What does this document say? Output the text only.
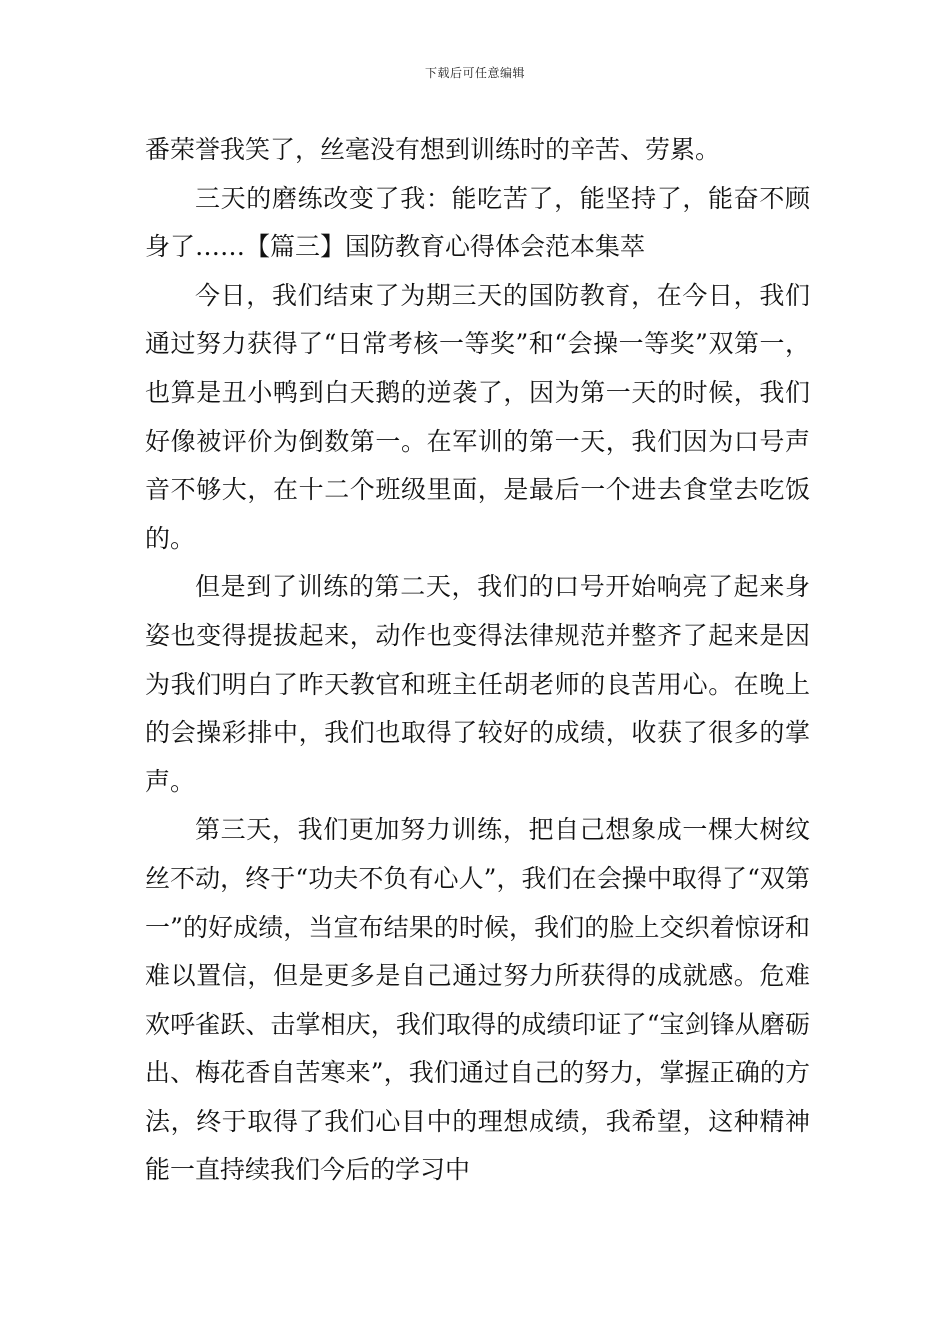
下载后可任意编辑

番荣誉我笑了，丝毫没有想到训练时的辛苦、劳累。

三天的磨练改变了我：能吃苦了，能坚持了，能奋不顾身了……【篇三】国防教育心得体会范本集萃

今日，我们结束了为期三天的国防教育，在今日，我们通过努力获得了“日常考核一等奖”和“会操一等奖”双第一，也算是丑小鸭到白天鹅的逆袭了，因为第一天的时候，我们好像被评价为倒数第一。在军训的第一天，我们因为口号声音不够大，在十二个班级里面，是最后一个进去食堂去吃饭的。

但是到了训练的第二天，我们的口号开始响亮了起来身姿也变得提拔起来，动作也变得法律规范并整齐了起来是因为我们明白了昨天教官和班主任胡老师的良苦用心。在晚上的会操彩排中，我们也取得了较好的成绩，收获了很多的掌声。

第三天，我们更加努力训练，把自己想象成一棵大树纹丝不动，终于“功夫不负有心人”，我们在会操中取得了“双第一”的好成绩，当宣布结果的时候，我们的脸上交织着惊讶和难以置信，但是更多是自己通过努力所获得的成就感。危难欢呼雀跃、击掌相庆，我们取得的成绩印证了“宝剑锋从磨砺出、梅花香自苦寒来”，我们通过自己的努力，掌握正确的方法，终于取得了我们心目中的理想成绩，我希望，这种精神能一直持续我们今后的学习中
